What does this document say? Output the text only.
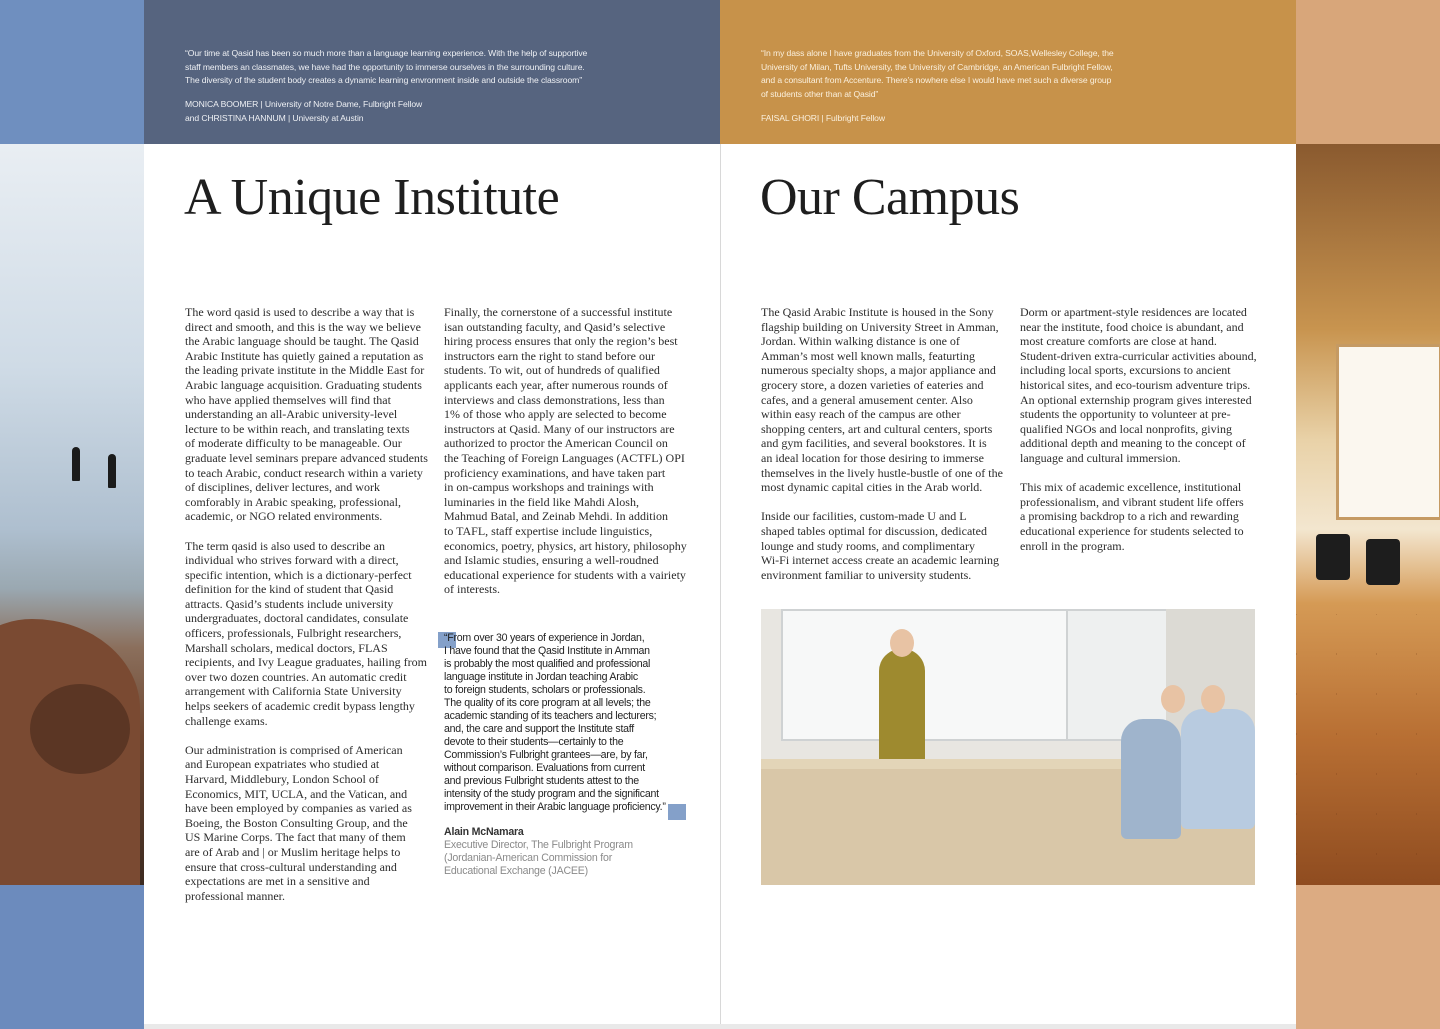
“Our time at Qasid has been so much more than a language learning experience. With the help of supportive
staff members an classmates, we have had the opportunity to immerse ourselves in the surrounding culture.
The diversity of the student body creates a dynamic learning envronment inside and outside the classroom”
MONICA BOOMER | University of Notre Dame, Fulbright Fellow
and CHRISTINA HANNUM | University at Austin
“In my dass alone I have graduates from the University of Oxford, SOAS,Wellesley College, the
University of Milan, Tufts University, the University of Cambridge, an American Fulbright Fellow,
and a consultant from Accenture. There’s nowhere else I would have met such a diverse group
of students other than at Qasid”
FAISAL GHORI | Fulbright Fellow
A Unique Institute

The word qasid is used to describe a way that is
direct and smooth, and this is the way we believe
the Arabic language should be taught. The Qasid
Arabic Institute has quietly gained a reputation as
the leading private institute in the Middle East for
Arabic language acquisition. Graduating students
who have applied themselves will find that
understanding an all-Arabic university-level
lecture to be within reach, and translating texts
of moderate difficulty to be manageable. Our
graduate level seminars prepare advanced students
to teach Arabic, conduct research within a variety
of disciplines, deliver lectures, and work
comforably in Arabic speaking, professional,
academic, or NGO related environments.

The term qasid is also used to describe an
individual who strives forward with a direct,
specific intention, which is a dictionary-perfect
definition for the kind of student that Qasid
attracts. Qasid’s students include university
undergraduates, doctoral candidates, consulate
officers, professionals, Fulbright researchers,
Marshall scholars, medical doctors, FLAS
recipients, and Ivy League graduates, hailing from
over two dozen countries. An automatic credit
arrangement with California State University
helps seekers of academic credit bypass lengthy
challenge exams.

Our administration is comprised of American
and European expatriates who studied at
Harvard, Middlebury, London School of
Economics, MIT, UCLA, and the Vatican, and
have been employed by companies as varied as
Boeing, the Boston Consulting Group, and the
US Marine Corps. The fact that many of them
are of Arab and | or Muslim heritage helps to
ensure that cross-cultural understanding and
expectations are met in a sensitive and
professional manner.

Finally, the cornerstone of a successful institute
isan outstanding faculty, and Qasid’s selective
hiring process ensures that only the region’s best
instructors earn the right to stand before our
students. To wit, out of hundreds of qualified
applicants each year, after numerous rounds of
interviews and class demonstrations, less than
1% of those who apply are selected to become
instructors at Qasid. Many of our instructors are
authorized to proctor the American Council on
the Teaching of Foreign Languages (ACTFL) OPI
proficiency examinations, and have taken part
in on-campus workshops and trainings with
luminaries in the field like Mahdi Alosh,
Mahmud Batal, and Zeinab Mehdi. In addition
to TAFL, staff expertise include linguistics,
economics, poetry, physics, art history, philosophy
and Islamic studies, ensuring a well-roudned
educational experience for students with a vairiety
of interests.

“From over 30 years of experience in Jordan,
I have found that the Qasid Institute in Amman
is probably the most qualified and professional
language institute in Jordan teaching Arabic
to foreign students, scholars or professionals.
The quality of its core program at all levels; the
academic standing of its teachers and lecturers;
and, the care and support the Institute staff
devote to their students—certainly to the
Commission’s Fulbright grantees—are, by far,
without comparison. Evaluations from current
and previous Fulbright students attest to the
intensity of the study program and the significant
improvement in their Arabic language proficiency.”
Alain McNamara
Executive Director, The Fulbright Program
(Jordanian-American Commission for
Educational Exchange (JACEE)
Our Campus

The Qasid Arabic Institute is housed in the Sony
flagship building on University Street in Amman,
Jordan. Within walking distance is one of
Amman’s most well known malls, featurting
numerous specialty shops, a major appliance and
grocery store, a dozen varieties of eateries and
cafes, and a general amusement center. Also
within easy reach of the campus are other
shopping centers, art and cultural centers, sports
and gym facilities, and several bookstores. It is
an ideal location for those desiring to immerse
themselves in the lively hustle-bustle of one of the
most dynamic capital cities in the Arab world.

Inside our facilities, custom-made U and L
shaped tables optimal for discussion, dedicated
lounge and study rooms, and complimentary
Wi-Fi internet access create an academic learning
environment familiar to university students.

Dorm or apartment-style residences are located
near the institute, food choice is abundant, and
most creature comforts are close at hand.
Student-driven extra-curricular activities abound,
including local sports, excursions to ancient
historical sites, and eco-tourism adventure trips.
An optional externship program gives interested
students the opportunity to volunteer at pre-
qualified NGOs and local nonprofits, giving
additional depth and meaning to the concept of
language and cultural immersion.

This mix of academic excellence, institutional
professionalism, and vibrant student life offers
a promising backdrop to a rich and rewarding
educational experience for students selected to
enroll in the program.
